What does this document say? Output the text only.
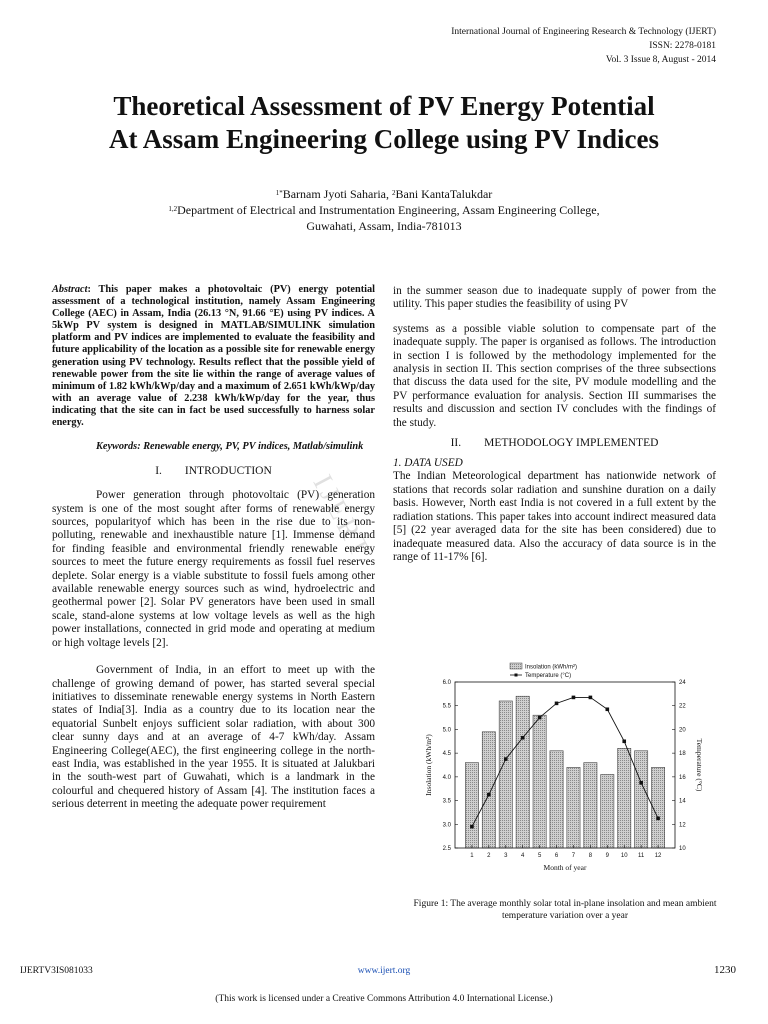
International Journal of Engineering Research & Technology (IJERT)
ISSN: 2278-0181
Vol. 3 Issue 8, August - 2014
Theoretical Assessment of PV Energy Potential
At Assam Engineering College using PV Indices
$^{1*}$Barnam Jyoti Saharia, $^2$Bani KantaTalukdar
$^{1,2}$Department of Electrical and Instrumentation Engineering, Assam Engineering College,
Guwahati, Assam, India-781013
Abstract: This paper makes a photovoltaic (PV) energy potential assessment of a technological institution, namely Assam Engineering College (AEC) in Assam, India (26.13 °N, 91.66 °E) using PV indices. A 5kWp PV system is designed in MATLAB/SIMULINK simulation platform and PV indices are implemented to evaluate the feasibility and future applicability of the location as a possible site for renewable energy generation using PV technology. Results reflect that the possible yield of renewable power from the site lie within the range of average values of minimum of 1.82 kWh/kWp/day and a maximum of 2.651 kWh/kWp/day with an average value of 2.238 kWh/kWp/day for the year, thus indicating that the site can in fact be used successfully to harness solar energy.
Keywords: Renewable energy, PV, PV indices, Matlab/simulink
I.        INTRODUCTION
Power generation through photovoltaic (PV) generation system is one of the most sought after forms of renewable energy sources, popularityof which has been in the rise due to its non-polluting, renewable and inexhaustible nature [1]. Immense demand for finding feasible and environmental friendly renewable energy sources to meet the future energy requirements as fossil fuel reserves deplete. Solar energy is a viable substitute to fossil fuels among other available renewable energy sources such as wind, hydroelectric and geothermal power [2]. Solar PV generators have been used in small scale, stand-alone systems at low voltage levels as well as the high power installations, connected in grid mode and operating at medium or high voltage levels [2].
Government of India, in an effort to meet up with the challenge of growing demand of power, has started several special initiatives to disseminate renewable energy systems in North Eastern states of India[3]. India as a country due to its location near the equatorial Sunbelt enjoys sufficient solar radiation, with about 300 clear sunny days and at an average of 4-7 kWh/day. Assam Engineering College(AEC), the first engineering college in the north-east India, was established in the year 1955. It is situated at Jalukbari in the south-west part of Guwahati, which is a landmark in the colourful and chequered history of Assam [4]. The institution faces a serious deterrent in meeting the adequate power requirement
in the summer season due to inadequate supply of power from the utility. This paper studies the feasibility of using PV
systems as a possible viable solution to compensate part of the inadequate supply. The paper is organised as follows. The introduction in section I is followed by the methodology implemented for the analysis in section II. This section comprises of the three subsections that discuss the data used for the site, PV module modelling and the PV performance evaluation for analysis. Section III summarises the results and discussion and section IV concludes with the findings of the study.
II.        METHODOLOGY IMPLEMENTED
1. DATA USED
The Indian Meteorological department has nationwide network of stations that records solar radiation and sunshine duration on a daily basis. However, North east India is not covered in a full extent by the radiation stations. This paper takes into account indirect measured data [5] (22 year averaged data for the site has been considered) due to inadequate measured data. Also the accuracy of data source is in the range of 11-17% [6].
IJERT
2.5
3.0
3.5
4.0
4.5
5.0
5.5
6.0
10
12
14
16
18
20
22
24
1 2 3 4 5 6 7 8 9 10 11 12
Month of year
Insolation (kWh/m²)	Temperature (°C)
Insolation (kWh/m²)
Temperature (°C)
Figure 1: The average monthly solar total in-plane insolation and mean ambient temperature variation over a year
IJERTV3IS081033	www.ijert.org	1230
(This work is licensed under a Creative Commons Attribution 4.0 International License.)
